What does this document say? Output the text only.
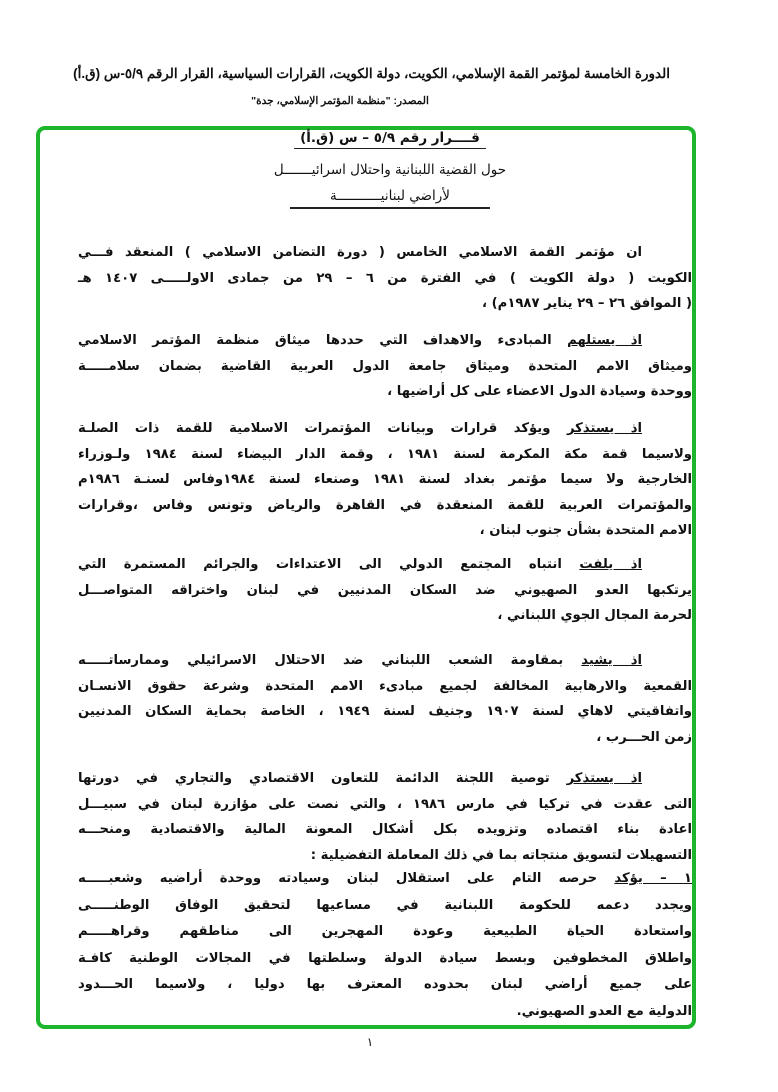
الدورة الخامسة لمؤتمر القمة الإسلامي، الكويت، دولة الكويت، القرارات السياسية، القرار الرقم ٥/٩-س (ق.أ)
المصدر: "منظمة المؤتمر الإسلامي، جدة"
قــــرار رقم ٥/٩ – س (ق.أ)
حول القضية اللبنانية واحتلال اسرائيـــــــل
لأراضي لبنانيـــــــــــة
ان مؤتمر القمة الاسلامي الخامس ( دورة التضامن الاسلامي ) المنعقد فـــي
الكويت ( دولة الكويت ) في الفترة من ٦ – ٢٩ من جمادى الاولـــــى ١٤٠٧ هـ
( الموافق ٢٦ – ٢٩ يناير ١٩٨٧م) ،
اذ يستلهم المبادىء والاهداف التي حددها ميثاق منظمة المؤتمر الاسلامي
وميثاق الامم المتحدة وميثاق جامعة الدول العربية القاضية بضمان سلامـــــة
ووحدة وسيادة الدول الاعضاء على كل أراضيها ،
اذ يستذكر ويؤكد قرارات وبيانات المؤتمرات الاسلامية للقمة ذات الصلـة
ولاسيما قمة مكة المكرمة لسنة ١٩٨١ ، وقمة الدار البيضاء لسنة ١٩٨٤ ولـوزراء
الخارجية ولا سيما مؤتمر بغداد لسنة ١٩٨١ وصنعاء لسنة ١٩٨٤وفاس لسنـة ١٩٨٦م
والمؤتمرات العربية للقمة المنعقدة في القاهرة والرياض وتونس وفاس ،وقرارات
الامم المتحدة بشأن جنوب لبنان ،
اذ يلفت انتباه المجتمع الدولي الى الاعتداءات والجرائم المستمرة التي
يرتكبها العدو الصهيوني ضد السكان المدنيين في لبنان واختراقه المتواصـــل
لحرمة المجال الجوي اللبناني ،
اذ يشيد بمقاومة الشعب اللبناني ضد الاحتلال الاسرائيلي وممارساتـــــه
القمعية والارهابية المخالفة لجميع مبادىء الامم المتحدة وشرعة حقوق الانسـان
واتفاقيتي لاهاي لسنة ١٩٠٧ وجنيف لسنة ١٩٤٩ ، الخاصة بحماية السكان المدنيين
زمن الحـــرب ،
اذ يستذكر توصية اللجنة الدائمة للتعاون الاقتصادي والتجاري في دورتها
التى عقدت في تركيا في مارس ١٩٨٦ ، والتي نصت على مؤازرة لبنان في سبيـــل
اعادة بناء اقتصاده وتزويده بكل أشكال المعونة المالية والاقتصادية ومنحـــه
التسهيلات لتسويق منتجاته بما في ذلك المعاملة التفضيلية :
١ – يؤكد حرصه التام على استقلال لبنان وسيادته ووحدة أراضيه وشعبـــــه
ويجدد دعمه للحكومة اللبنانية في مساعيها لتحقيق الوفاق الوطنـــــى
واستعادة الحياة الطبيعية وعودة المهجرين الى مناطقهم وقراهـــــم
واطلاق المخطوفين وبسط سيادة الدولة وسلطتها في المجالات الوطنية كافـة
على جميع أراضي لبنان بحدوده المعترف بها دوليا ، ولاسيما الحـــدود
الدولية مع العدو الصهيوني.
١
